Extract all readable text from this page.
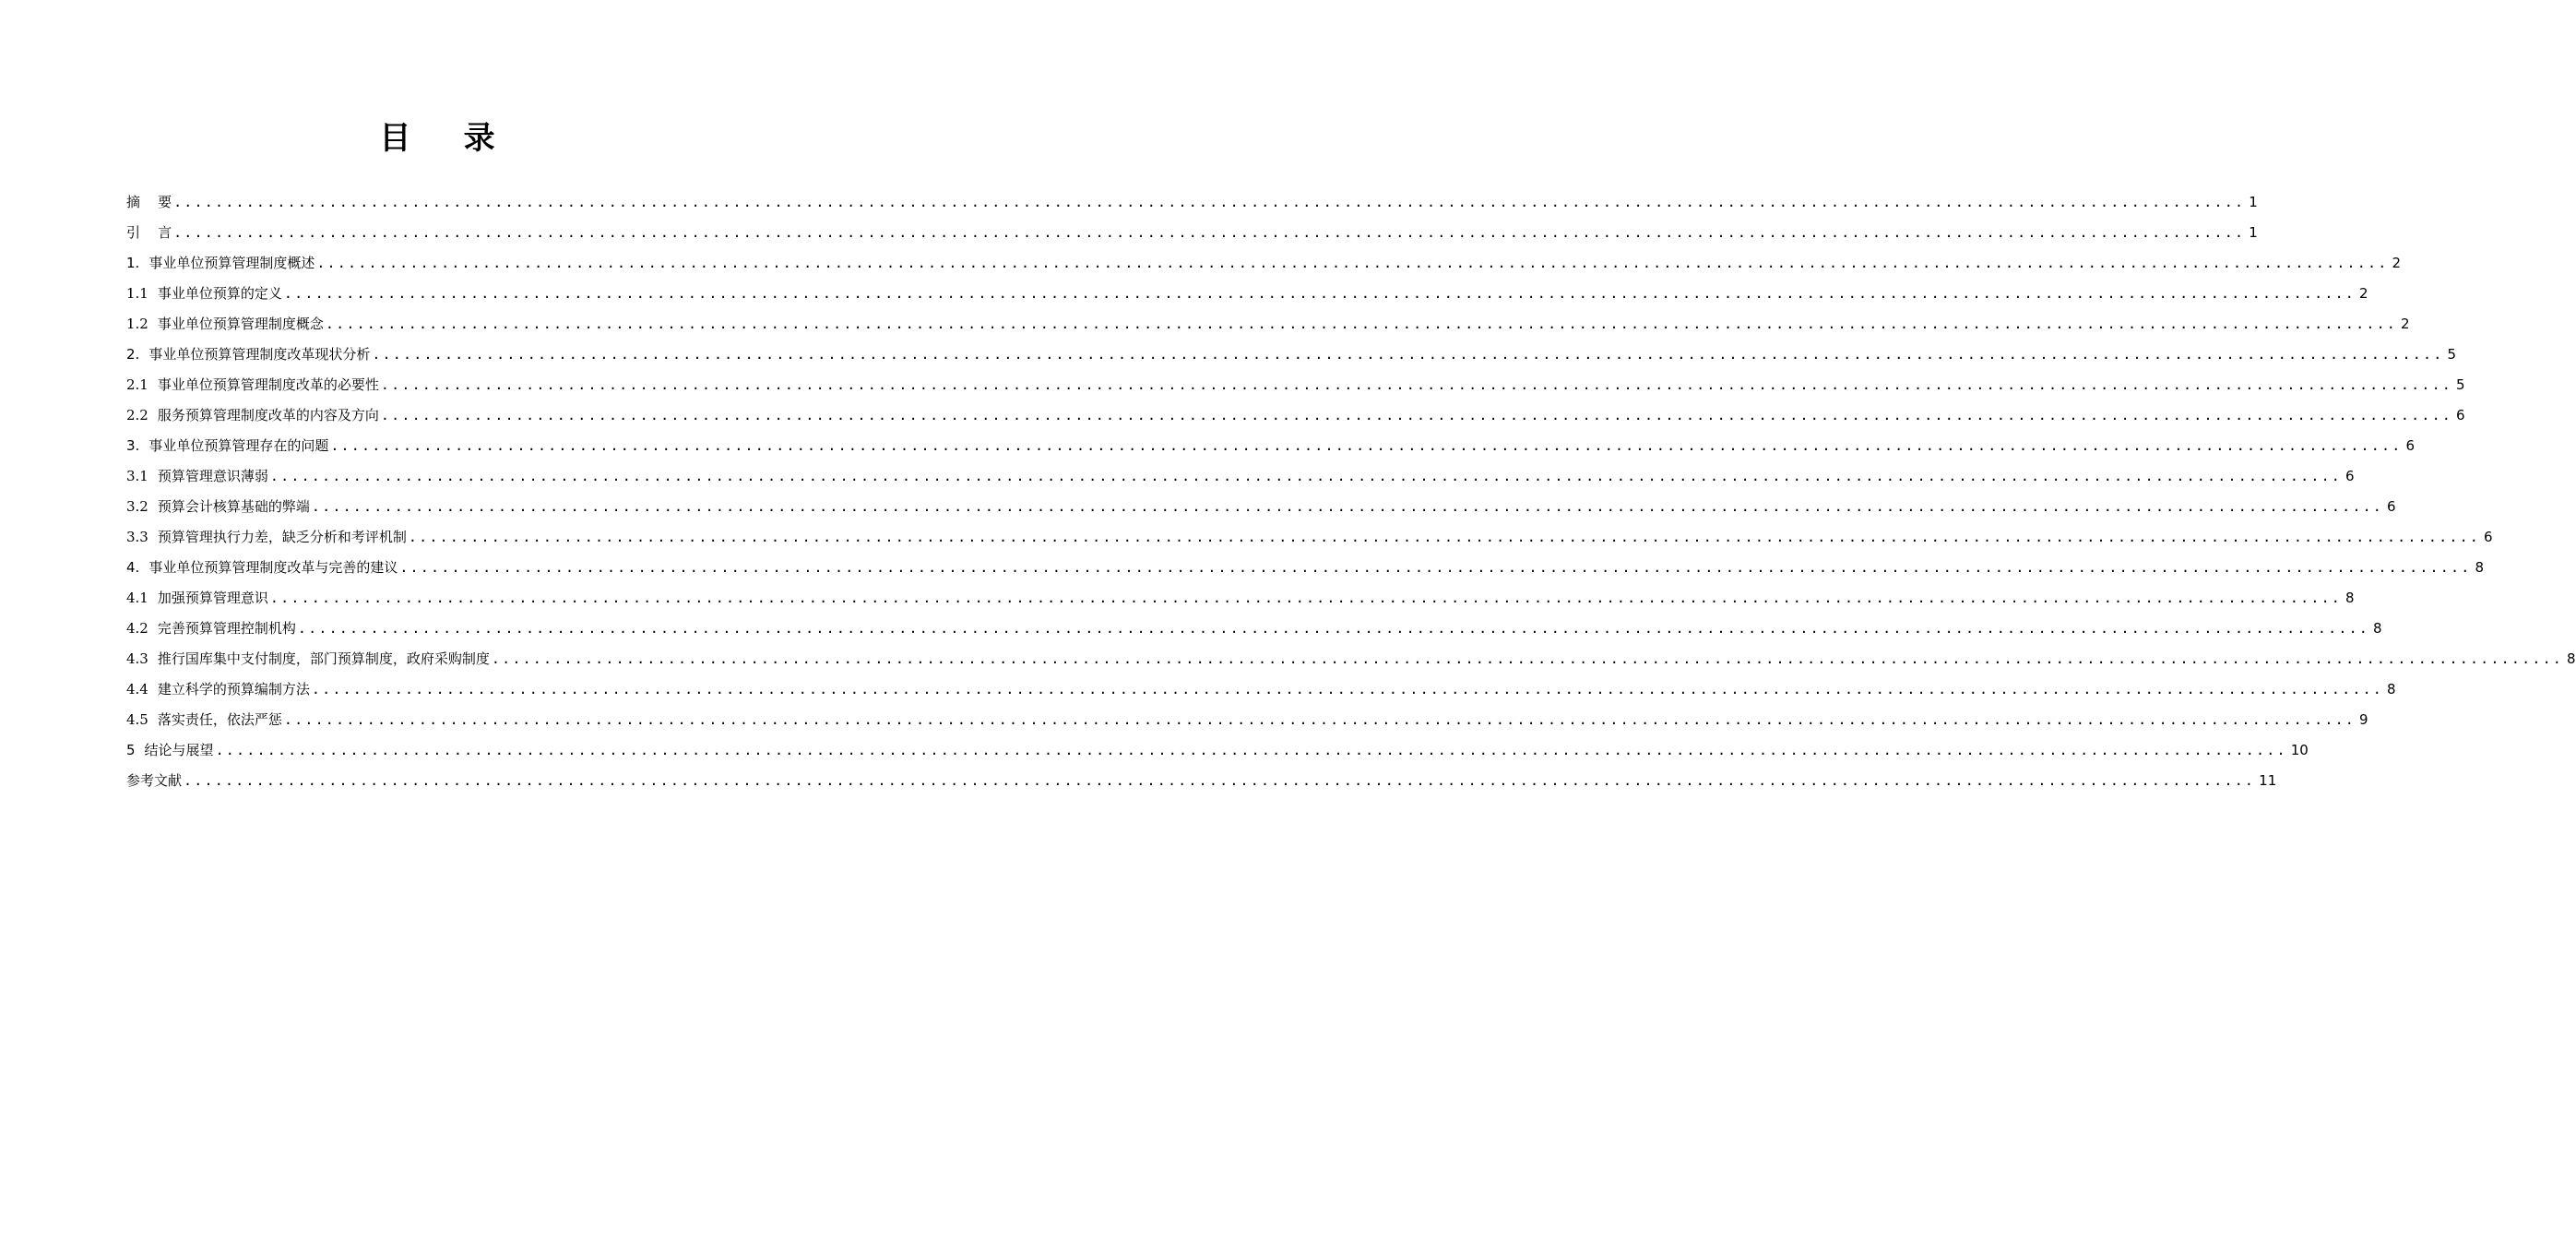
目    录
摘    要 ........................................................................................................................................................................................................ 1
引    言 ........................................................................................................................................................................................................ 1
1. 事业单位预算管理制度概述 ........................................................................................................................................................................................................ 2
1.1 事业单位预算的定义 ........................................................................................................................................................................................................ 2
1.2 事业单位预算管理制度概念 ........................................................................................................................................................................................................ 2
2. 事业单位预算管理制度改革现状分析 ........................................................................................................................................................................................................ 5
2.1 事业单位预算管理制度改革的必要性 ........................................................................................................................................................................................................ 5
2.2 服务预算管理制度改革的内容及方向 ........................................................................................................................................................................................................ 6
3. 事业单位预算管理存在的问题 ........................................................................................................................................................................................................ 6
3.1 预算管理意识薄弱 ........................................................................................................................................................................................................ 6
3.2 预算会计核算基础的弊端 ........................................................................................................................................................................................................ 6
3.3 预算管理执行力差，缺乏分析和考评机制 ........................................................................................................................................................................................................ 6
4. 事业单位预算管理制度改革与完善的建议 ........................................................................................................................................................................................................ 8
4.1 加强预算管理意识 ........................................................................................................................................................................................................ 8
4.2 完善预算管理控制机构 ........................................................................................................................................................................................................ 8
4.3 推行国库集中支付制度，部门预算制度，政府采购制度 ........................................................................................................................................................................................................ 8
4.4 建立科学的预算编制方法 ........................................................................................................................................................................................................ 8
4.5 落实责任，依法严惩 ........................................................................................................................................................................................................ 9
5 结论与展望 ........................................................................................................................................................................................................ 10
参考文献 ........................................................................................................................................................................................................ 11
